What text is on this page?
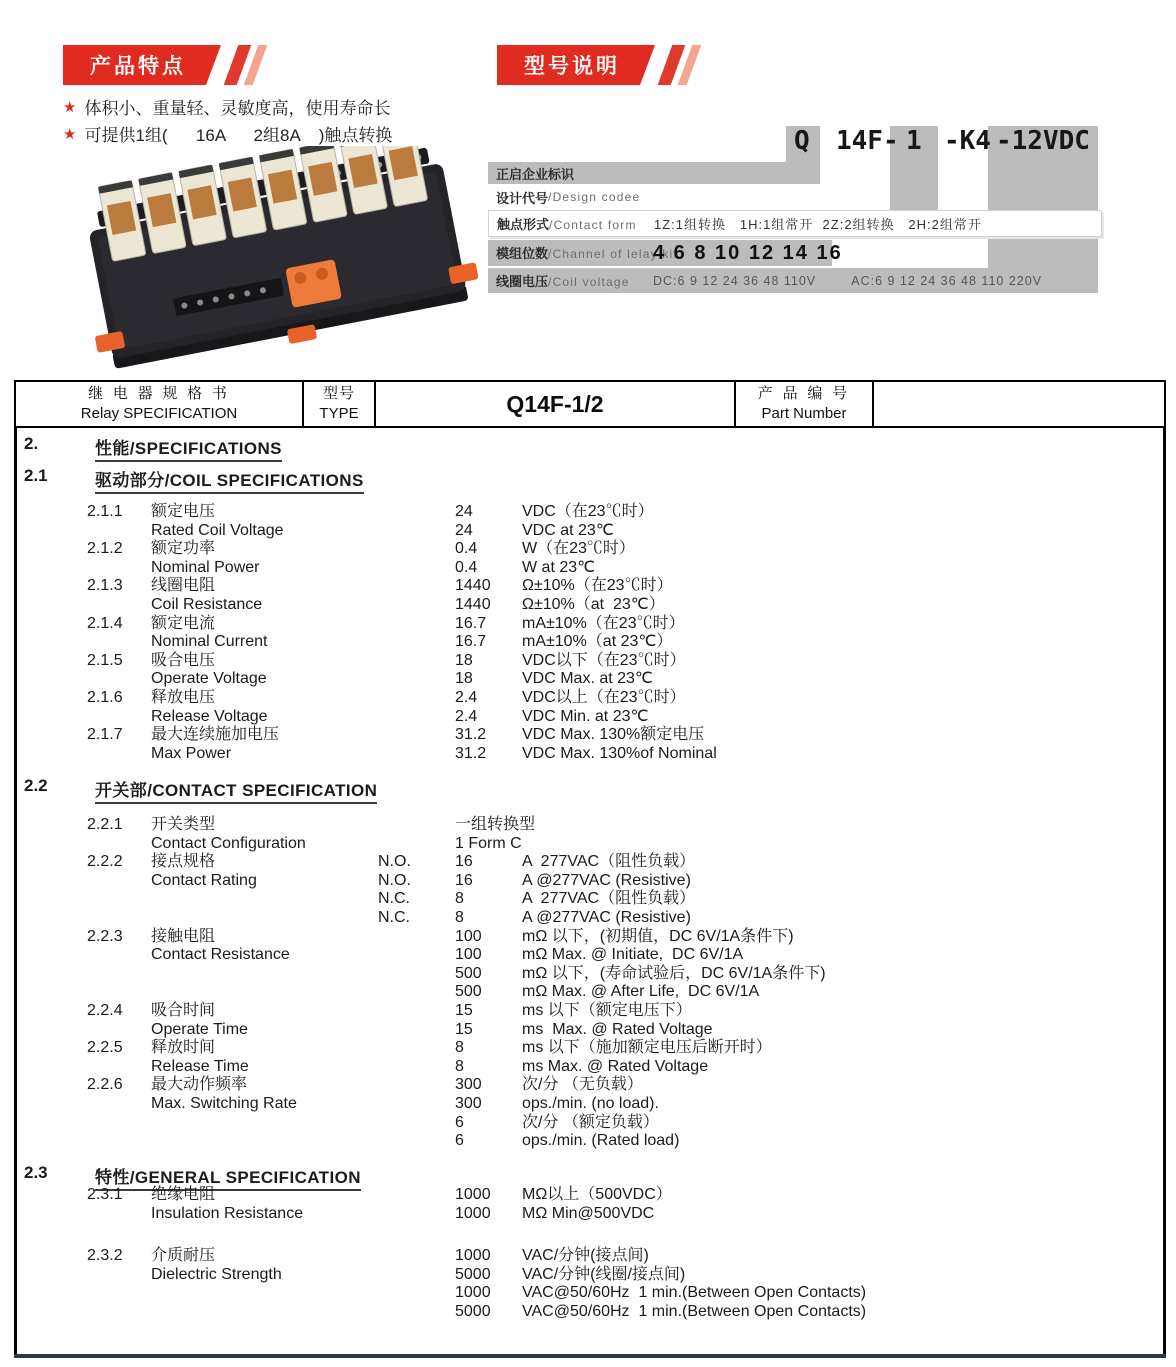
产品特点	型号说明
★ 体积小、重量轻、灵敏度高，使用寿命长
★ 可提供1组(      16A      2组8A    )触点转换	Q 14F- 1 -K4 -12VDC
正启企业标识
设计代号 /Design codee
触点形式/Contact form	1Z:1组转换   1H:1组常开  2Z:2组转换   2H:2组常开
模组位数/Channel of lelay kit
4 6 8 10 12 14 16
线圈电压/Coil voltage	DC:6 9 12 24 36 48 110V        AC:6 9 12 24 36 48 110 220V
继 电 器 规 格 书
Relay SPECIFICATION
型号
TYPE	Q14F-1/2	产 品 编 号
Part Number
2.	性能/SPECIFICATIONS
2.1	驱动部分/COIL SPECIFICATIONS
2.1.1	额定电压	24	VDC（在23℃时）
Rated Coil Voltage	24	VDC at 23℃
2.1.2	额定功率	0.4	W（在23℃时）
Nominal Power	0.4	W at 23℃
2.1.3	线圈电阻	1440	Ω±10%（在23℃时）
Coil Resistance	1440	Ω±10%（at  23℃）
2.1.4	额定电流	16.7	mA±10%（在23℃时）
Nominal Current	16.7	mA±10%（at 23℃）
2.1.5	吸合电压	18	VDC以下（在23℃时）
Operate Voltage	18	VDC Max. at 23℃
2.1.6	释放电压	2.4	VDC以上（在23℃时）
Release Voltage	2.4	VDC Min. at 23℃
2.1.7	最大连续施加电压	31.2	VDC Max. 130%额定电压
Max Power	31.2	VDC Max. 130%of Nominal
2.2	开关部/CONTACT SPECIFICATION
2.2.1	开关类型	一组转换型
Contact Configuration	1 Form C
2.2.2	接点规格	N.O.	16	A  277VAC（阻性负载）
Contact Rating	N.O.	16	A @277VAC (Resistive)
N.C.	8	A  277VAC（阻性负载）
N.C.	8	A @277VAC (Resistive)
2.2.3	接触电阻	100	mΩ 以下，(初期值，DC 6V/1A条件下)
Contact Resistance	100	mΩ Max. @ Initiate,  DC 6V/1A
500	mΩ 以下，(寿命试验后，DC 6V/1A条件下)
500	mΩ Max. @ After Life,  DC 6V/1A
2.2.4	吸合时间	15	ms 以下（额定电压下）
Operate Time	15	ms  Max. @ Rated Voltage
2.2.5	释放时间	8	ms 以下（施加额定电压后断开时）
Release Time	8	ms Max. @ Rated Voltage
2.2.6	最大动作频率	300	次/分 （无负载）
Max. Switching Rate	300	ops./min. (no load).
6	次/分 （额定负载）
6	ops./min. (Rated load)
2.3	特性/GENERAL SPECIFICATION
2.3.1	绝缘电阻	1000	MΩ以上（500VDC）
Insulation Resistance	1000	MΩ Min@500VDC
2.3.2	介质耐压	1000	VAC/分钟(接点间)
Dielectric Strength	5000	VAC/分钟(线圈/接点间)
1000	VAC@50/60Hz  1 min.(Between Open Contacts)
5000	VAC@50/60Hz  1 min.(Between Open Contacts)
